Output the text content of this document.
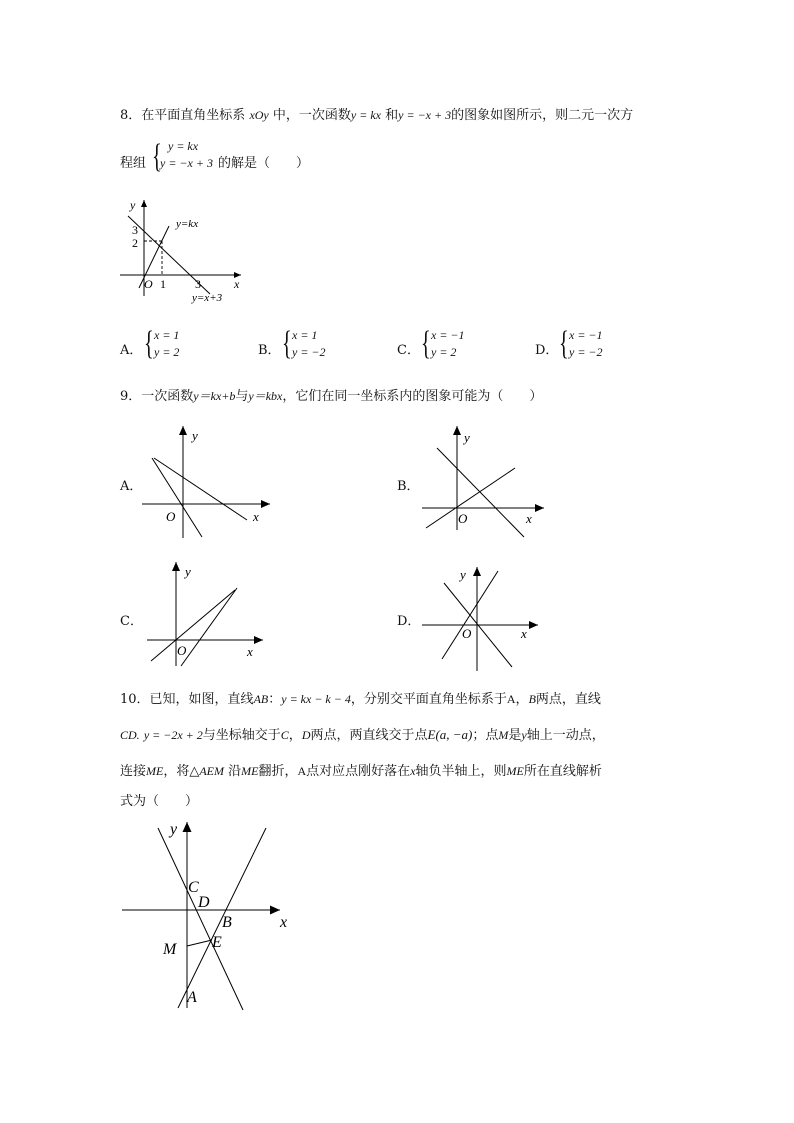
8．在平面直角坐标系 xOy 中，一次函数y = kx 和y = −x + 3的图象如图所示，则二元一次方
程组 { y = kx
y = −x + 3 的解是（　　）
y
x
O
3
2
1 3
y=kx
y=x+3
A． { x = 1
y = 2	B． { x = 1
y = −2	C． { x = −1
y = 2	D． { x = −1
y = −2
9．一次函数y＝kx+b与y＝kbx，它们在同一坐标系内的图象可能为（　　）
A．
y
x
O
B．
y
x
O
C．
y
x
O
D．
y
x
O
10．已知，如图，直线AB：y = kx − k − 4，分别交平面直角坐标系于A，B两点，直线
CD. y = −2x + 2与坐标轴交于C，D两点，两直线交于点E(a, −a)；点M是y轴上一动点，
连接ME，将△AEM 沿ME翻折，A点对应点刚好落在x轴负半轴上，则ME所在直线解析
式为（　　）
y
x
C
D
B
M E
A
